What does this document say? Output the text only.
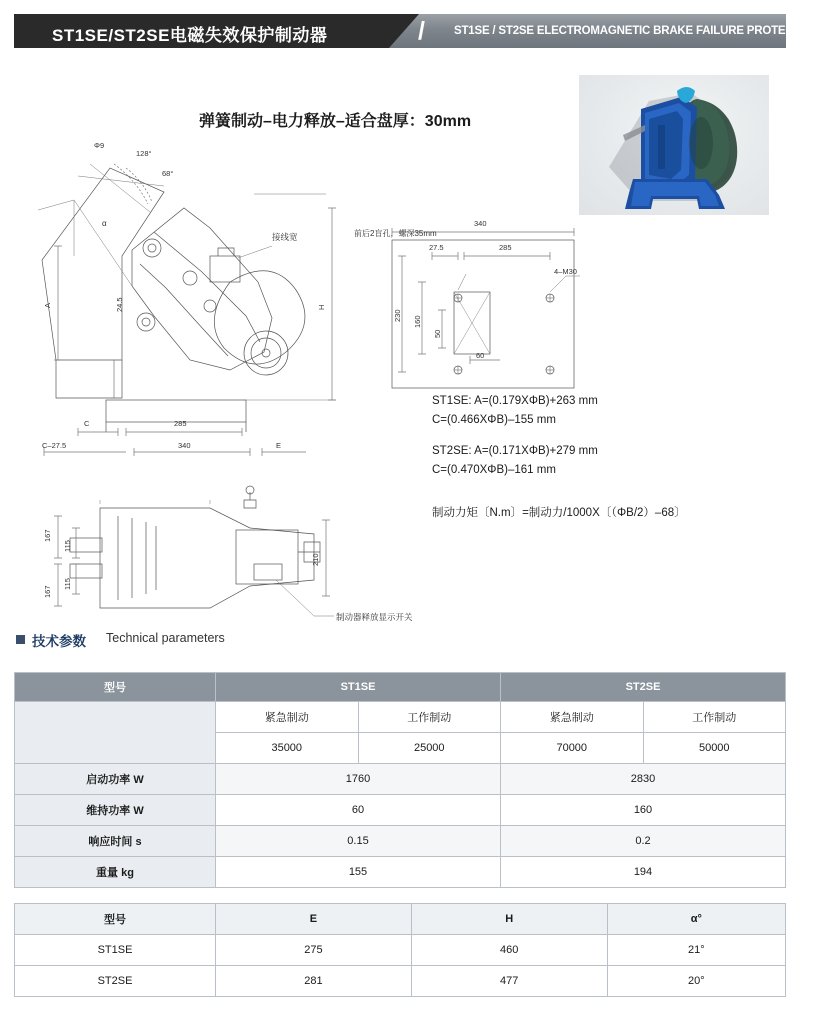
ST1SE/ST2SE电磁失效保护制动器	/	ST1SE / ST2SE ELECTROMAGNETIC BRAKE FAILURE PROTECTION
弹簧制动–电力释放–适合盘厚：30mm
Φ9
128°
68°
α
24.5
A	H
C	285
C–27.5	340	E
接线宽	前后2盲孔，螺深35mm
340
27.5	285
230 160
50
60
4–M30
167
167
115
115
210
制动器释放显示开关
ST1SE: A=(0.179XΦB)+263 mm
C=(0.466XΦB)–155 mm
ST2SE: A=(0.171XΦB)+279 mm
C=(0.470XΦB)–161 mm
制动力矩〔N.m〕=制动力/1000X〔（ΦB/2）–68〕
技术参数 Technical parameters
型号	ST1SE		ST2SE	
	紧急制动	工作制动	紧急制动	工作制动
	35000	25000	70000	50000
启动功率 W	1760		2830	
维持功率 W	60		160	
响应时间 s	0.15		0.2	
重量 kg	155		194	
型号	E	H	α°
ST1SE	275	460	21°
ST2SE	281	477	20°
